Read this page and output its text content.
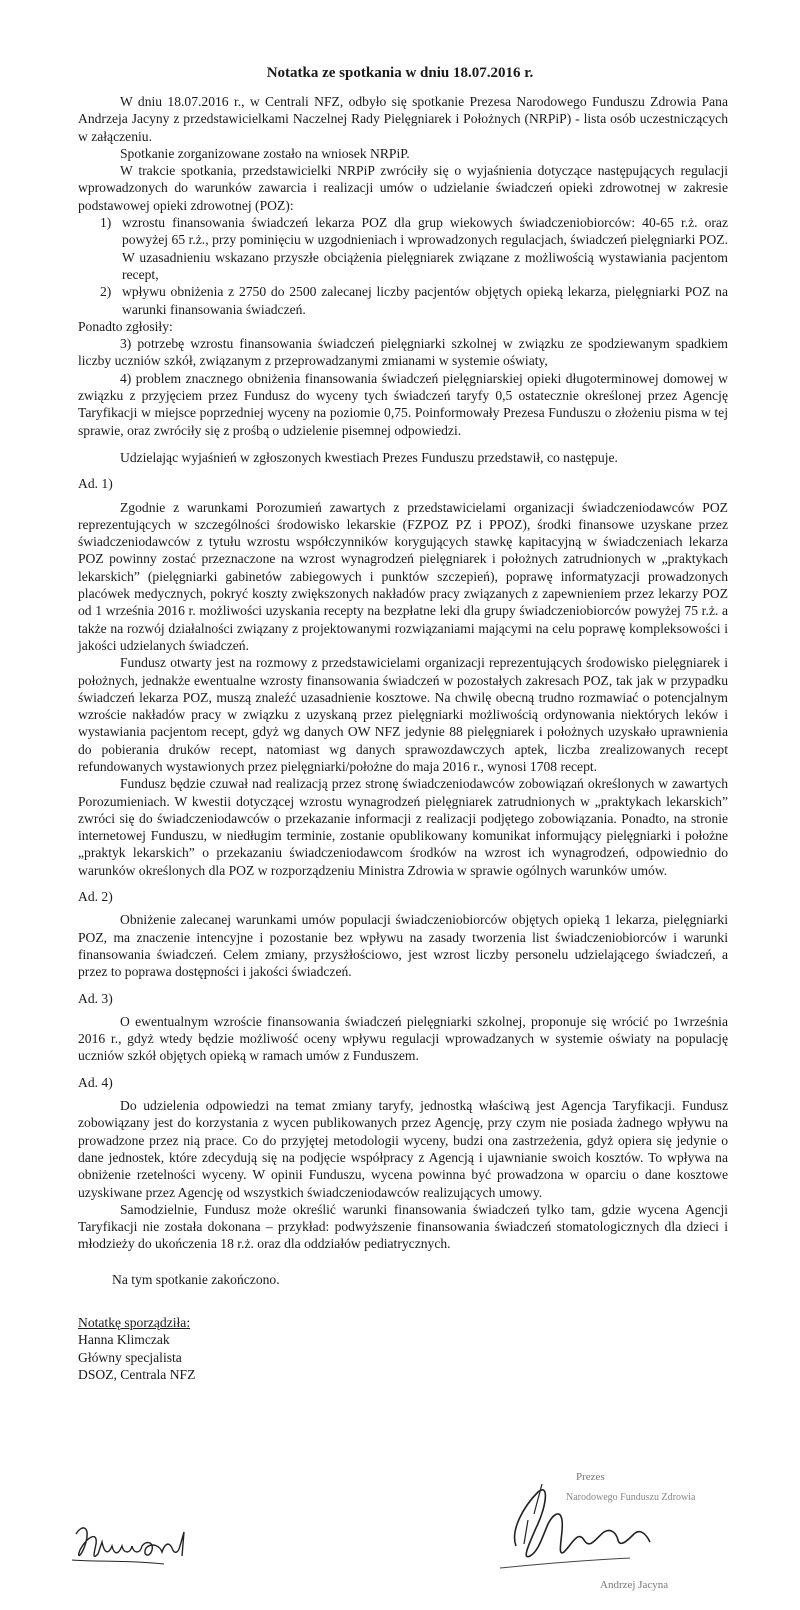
Notatka ze spotkania w dniu 18.07.2016 r.

W dniu 18.07.2016 r., w Centrali NFZ, odbyło się spotkanie Prezesa Narodowego Funduszu Zdrowia Pana Andrzeja Jacyny z przedstawicielkami Naczelnej Rady Pielęgniarek i Położnych (NRPiP) - lista osób uczestniczących w załączeniu.

Spotkanie zorganizowane zostało na wniosek NRPiP.

W trakcie spotkania, przedstawicielki NRPiP zwróciły się o wyjaśnienia dotyczące następujących regulacji wprowadzonych do warunków zawarcia i realizacji umów o udzielanie świadczeń opieki zdrowotnej w zakresie podstawowej opieki zdrowotnej (POZ):

1) wzrostu finansowania świadczeń lekarza POZ dla grup wiekowych świadczeniobiorców: 40-65 r.ż. oraz powyżej 65 r.ż., przy pominięciu w uzgodnieniach i wprowadzonych regulacjach, świadczeń pielęgniarki POZ. W uzasadnieniu wskazano przyszłe obciążenia pielęgniarek związane z możliwością wystawiania pacjentom recept,
2) wpływu obniżenia z 2750 do 2500 zalecanej liczby pacjentów objętych opieką lekarza, pielęgniarki POZ na warunki finansowania świadczeń.

Ponadto zgłosiły:

3) potrzebę wzrostu finansowania świadczeń pielęgniarki szkolnej w związku ze spodziewanym spadkiem liczby uczniów szkół, związanym z przeprowadzanymi zmianami w systemie oświaty,

4) problem znacznego obniżenia finansowania świadczeń pielęgniarskiej opieki długoterminowej domowej w związku z przyjęciem przez Fundusz do wyceny tych świadczeń taryfy 0,5 ostatecznie określonej przez Agencję Taryfikacji w miejsce poprzedniej wyceny na poziomie 0,75. Poinformowały Prezesa Funduszu o złożeniu pisma w tej sprawie, oraz zwróciły się z prośbą o udzielenie pisemnej odpowiedzi.

Udzielając wyjaśnień w zgłoszonych kwestiach Prezes Funduszu przedstawił, co następuje.

Ad. 1)

Zgodnie z warunkami Porozumień zawartych z przedstawicielami organizacji świadczeniodawców POZ reprezentujących w szczególności środowisko lekarskie (FZPOZ PZ i PPOZ), środki finansowe uzyskane przez świadczeniodawców z tytułu wzrostu współczynników korygujących stawkę kapitacyjną w świadczeniach lekarza POZ powinny zostać przeznaczone na wzrost wynagrodzeń pielęgniarek i położnych zatrudnionych w „praktykach lekarskich” (pielęgniarki gabinetów zabiegowych i punktów szczepień), poprawę informatyzacji prowadzonych placówek medycznych, pokryć koszty zwiększonych nakładów pracy związanych z zapewnieniem przez lekarzy POZ od 1 września 2016 r. możliwości uzyskania recepty na bezpłatne leki dla grupy świadczeniobiorców powyżej 75 r.ż. a także na rozwój działalności związany z projektowanymi rozwiązaniami mającymi na celu poprawę kompleksowości i jakości udzielanych świadczeń.

Fundusz otwarty jest na rozmowy z przedstawicielami organizacji reprezentujących środowisko pielęgniarek i położnych, jednakże ewentualne wzrosty finansowania świadczeń w pozostałych zakresach POZ, tak jak w przypadku świadczeń lekarza POZ, muszą znaleźć uzasadnienie kosztowe. Na chwilę obecną trudno rozmawiać o potencjalnym wzroście nakładów pracy w związku z uzyskaną przez pielęgniarki możliwością ordynowania niektórych leków i wystawiania pacjentom recept, gdyż wg danych OW NFZ jedynie 88 pielęgniarek i położnych uzyskało uprawnienia do pobierania druków recept, natomiast wg danych sprawozdawczych aptek, liczba zrealizowanych recept refundowanych wystawionych przez pielęgniarki/położne do maja 2016 r., wynosi 1708 recept.

Fundusz będzie czuwał nad realizacją przez stronę świadczeniodawców zobowiązań określonych w zawartych Porozumieniach. W kwestii dotyczącej wzrostu wynagrodzeń pielęgniarek zatrudnionych w „praktykach lekarskich” zwróci się do świadczeniodawców o przekazanie informacji z realizacji podjętego zobowiązania. Ponadto, na stronie internetowej Funduszu, w niedługim terminie, zostanie opublikowany komunikat informujący pielęgniarki i położne „praktyk lekarskich” o przekazaniu świadczeniodawcom środków na wzrost ich wynagrodzeń, odpowiednio do warunków określonych dla POZ w rozporządzeniu Ministra Zdrowia w sprawie ogólnych warunków umów.

Ad. 2)

Obniżenie zalecanej warunkami umów populacji świadczeniobiorców objętych opieką 1 lekarza, pielęgniarki POZ, ma znaczenie intencyjne i pozostanie bez wpływu na zasady tworzenia list świadczeniobiorców i warunki finansowania świadczeń. Celem zmiany, przysżłościowo, jest wzrost liczby personelu udzielającego świadczeń, a przez to poprawa dostępności i jakości świadczeń.

Ad. 3)

O ewentualnym wzroście finansowania świadczeń pielęgniarki szkolnej, proponuje się wrócić po 1września 2016 r., gdyż wtedy będzie możliwość oceny wpływu regulacji wprowadzanych w systemie oświaty na populację uczniów szkół objętych opieką w ramach umów z Funduszem.

Ad. 4)

Do udzielenia odpowiedzi na temat zmiany taryfy, jednostką właściwą jest Agencja Taryfikacji. Fundusz zobowiązany jest do korzystania z wycen publikowanych przez Agencję, przy czym nie posiada żadnego wpływu na prowadzone przez nią prace. Co do przyjętej metodologii wyceny, budzi ona zastrzeżenia, gdyż opiera się jedynie o dane jednostek, które zdecydują się na podjęcie współpracy z Agencją i ujawnianie swoich kosztów. To wpływa na obniżenie rzetelności wyceny. W opinii Funduszu, wycena powinna być prowadzona w oparciu o dane kosztowe uzyskiwane przez Agencję od wszystkich świadczeniodawców realizujących umowy.

Samodzielnie, Fundusz może określić warunki finansowania świadczeń tylko tam, gdzie wycena Agencji Taryfikacji nie została dokonana – przykład: podwyższenie finansowania świadczeń stomatologicznych dla dzieci i młodzieży do ukończenia 18 r.ż. oraz dla oddziałów pediatrycznych.

Na tym spotkanie zakończono.

Notatkę sporządziła:
Hanna Klimczak
Główny specjalista
DSOZ, Centrala NFZ
Prezes
Narodowego Funduszu Zdrowia
Andrzej Jacyna
